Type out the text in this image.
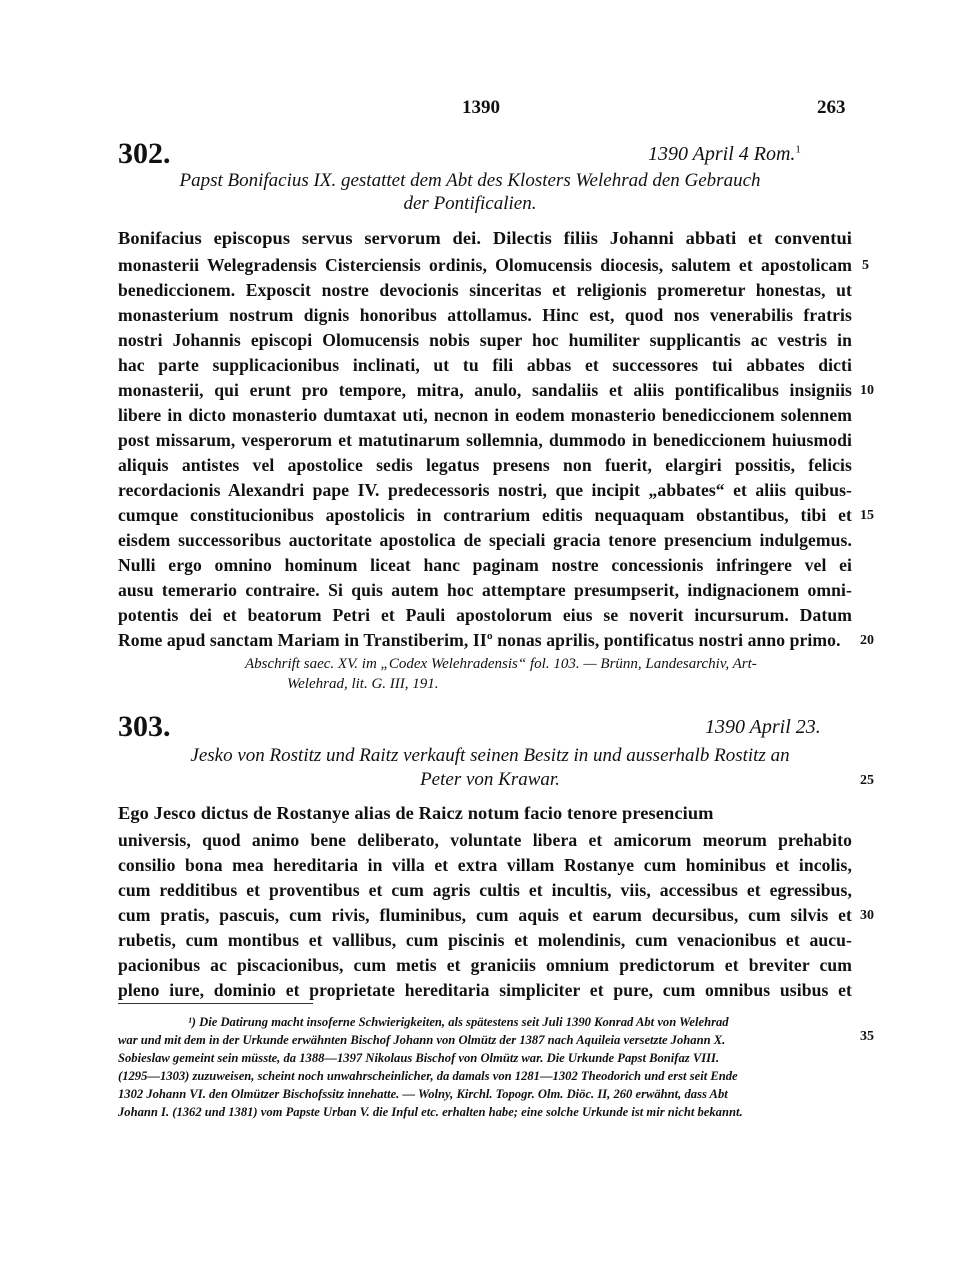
1390	263
302.	1390 April 4 Rom.$^1$
Papst Bonifacius IX. gestattet dem Abt des Klosters Welehrad den Gebrauch
der Pontificalien.
Bonifacius episcopus servus servorum dei. Dilectis filiis Johanni abbati et conventui
monasterii Welegradensis Cisterciensis ordinis, Olomucensis diocesis, salutem et apostolicam
benediccionem. Exposcit nostre devocionis sinceritas et religionis promeretur honestas, ut
monasterium nostrum dignis honoribus attollamus. Hinc est, quod nos venerabilis fratris
nostri Johannis episcopi Olomucensis nobis super hoc humiliter supplicantis ac vestris in
hac parte supplicacionibus inclinati, ut tu fili abbas et successores tui abbates dicti
monasterii, qui erunt pro tempore, mitra, anulo, sandaliis et aliis pontificalibus insigniis
libere in dicto monasterio dumtaxat uti, necnon in eodem monasterio benediccionem solennem
post missarum, vesperorum et matutinarum sollemnia, dummodo in benediccionem huiusmodi
aliquis antistes vel apostolice sedis legatus presens non fuerit, elargiri possitis, felicis
recordacionis Alexandri pape IV. predecessoris nostri, que incipit „abbates“ et aliis quibus-
cumque constitucionibus apostolicis in contrarium editis nequaquam obstantibus, tibi et
eisdem successoribus auctoritate apostolica de speciali gracia tenore presencium indulgemus.
Nulli ergo omnino hominum liceat hanc paginam nostre concessionis infringere vel ei
ausu temerario contraire. Si quis autem hoc attemptare presumpserit, indignacionem omni-
potentis dei et beatorum Petri et Pauli apostolorum eius se noverit incursurum. Datum
Rome apud sanctam Mariam in Transtiberim, IIº nonas aprilis, pontificatus nostri anno primo.
Abschrift saec. XV. im „Codex Welehradensis“ fol. 103. — Brünn, Landesarchiv, Art-
Welehrad, lit. G. III, 191.
303.	1390 April 23.
Jesko von Rostitz und Raitz verkauft seinen Besitz in und ausserhalb Rostitz an
Peter von Krawar.
Ego Jesco dictus de Rostanye alias de Raicz notum facio tenore presencium
universis, quod animo bene deliberato, voluntate libera et amicorum meorum prehabito
consilio bona mea hereditaria in villa et extra villam Rostanye cum hominibus et incolis,
cum redditibus et proventibus et cum agris cultis et incultis, viis, accessibus et egressibus,
cum pratis, pascuis, cum rivis, fluminibus, cum aquis et earum decursibus, cum silvis et
rubetis, cum montibus et vallibus, cum piscinis et molendinis, cum venacionibus et aucu-
pacionibus ac piscacionibus, cum metis et graniciis omnium predictorum et breviter cum
pleno iure, dominio et proprietate hereditaria simpliciter et pure, cum omnibus usibus et
5
10
15
20
25
30
35
¹) Die Datirung macht insoferne Schwierigkeiten, als spätestens seit Juli 1390 Konrad Abt von Welehrad
war und mit dem in der Urkunde erwähnten Bischof Johann von Olmütz der 1387 nach Aquileia versetzte Johann X.
Sobieslaw gemeint sein müsste, da 1388—1397 Nikolaus Bischof von Olmütz war. Die Urkunde Papst Bonifaz VIII.
(1295—1303) zuzuweisen, scheint noch unwahrscheinlicher, da damals von 1281—1302 Theodorich und erst seit Ende
1302 Johann VI. den Olmützer Bischofssitz innehatte. — Wolny, Kirchl. Topogr. Olm. Diöc. II, 260 erwähnt, dass Abt
Johann I. (1362 und 1381) vom Papste Urban V. die Inful etc. erhalten habe; eine solche Urkunde ist mir nicht bekannt.
